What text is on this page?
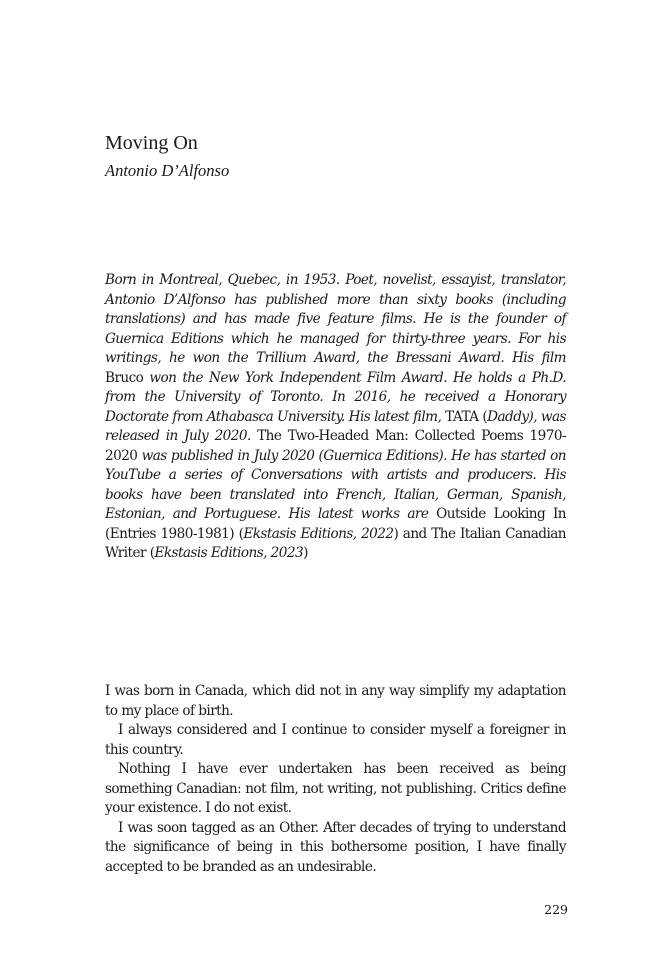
Moving On
Antonio D’Alfonso

Born in Montreal, Quebec, in 1953. Poet, novelist, essayist, translator, Antonio D’Alfonso has published more than sixty books (including translations) and has made five feature films. He is the founder of Guernica Editions which he managed for thirty-three years. For his writings, he won the Trillium Award, the Bressani Award. His film Bruco won the New York Independent Film Award. He holds a Ph.D. from the University of Toronto. In 2016, he received a Honorary Doctorate from Athabasca University. His latest film, TATA (Daddy), was released in July 2020. The Two-Headed Man: Collected Poems 1970-2020 was published in July 2020 (Guernica Editions). He has started on YouTube a series of Conversations with artists and producers. His books have been translated into French, Italian, German, Spanish, Estonian, and Portuguese. His latest works are Outside Looking In (Entries 1980-1981) (Ekstasis Editions, 2022) and The Italian Canadian Writer (Ekstasis Editions, 2023)

I was born in Canada, which did not in any way simplify my adaptation to my place of birth.

I always considered and I continue to consider myself a foreigner in this country.

Nothing I have ever undertaken has been received as being something Canadian: not film, not writing, not publishing. Critics define your existence. I do not exist.

I was soon tagged as an Other. After decades of trying to understand the significance of being in this bothersome position, I have finally accepted to be branded as an undesirable.

229
